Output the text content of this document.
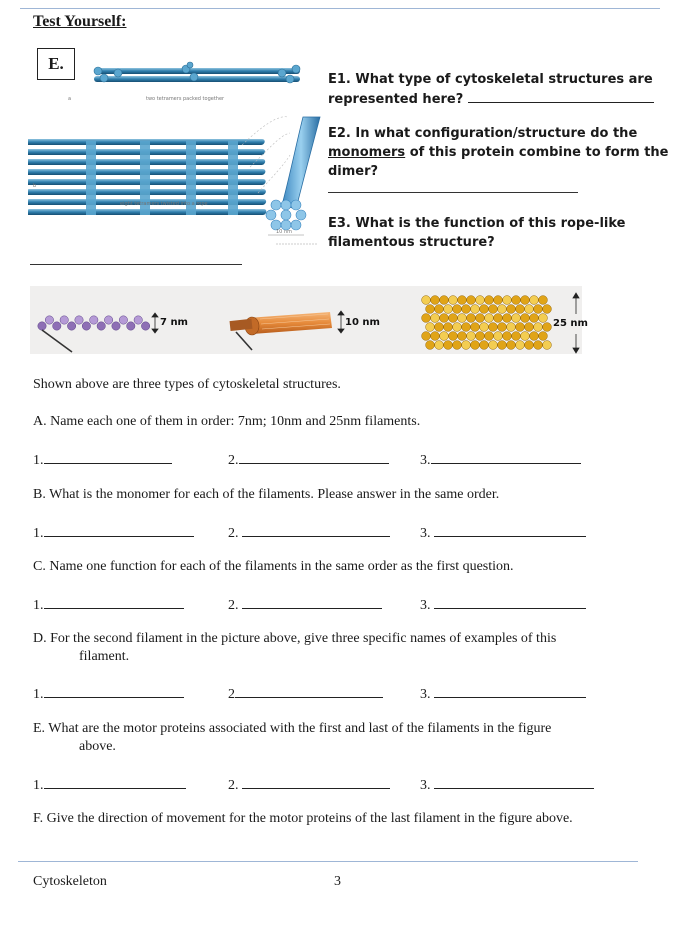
Test Yourself:
a	two tetramers packed together
b
eight tetramers twisted into a rope
10 nm
E.
E1. What type of cytoskeletal structures are
represented here?
E2. In what configuration/structure do the
monomers of this protein combine to form the
dimer?
E3. What is the function of this rope-like
filamentous structure?
7 nm	10 nm	25 nm
Shown above are three types of cytoskeletal structures.
A. Name each one of them in order: 7nm; 10nm and 25nm filaments.
1.	2.	3.
B. What is the monomer for each of the filaments. Please answer in the same order.
1.	2.	3.
C. Name one function for each of the filaments in the same order as the first question.
1.	2.	3.
D. For the second filament in the picture above, give three specific names of examples of this
filament.
1.	2	3.
E. What are the motor proteins associated with the first and last of the filaments in the figure
above.
1.	2.	3.
F. Give the direction of movement for the motor proteins of the last filament in the figure above.
Cytoskeleton	3
